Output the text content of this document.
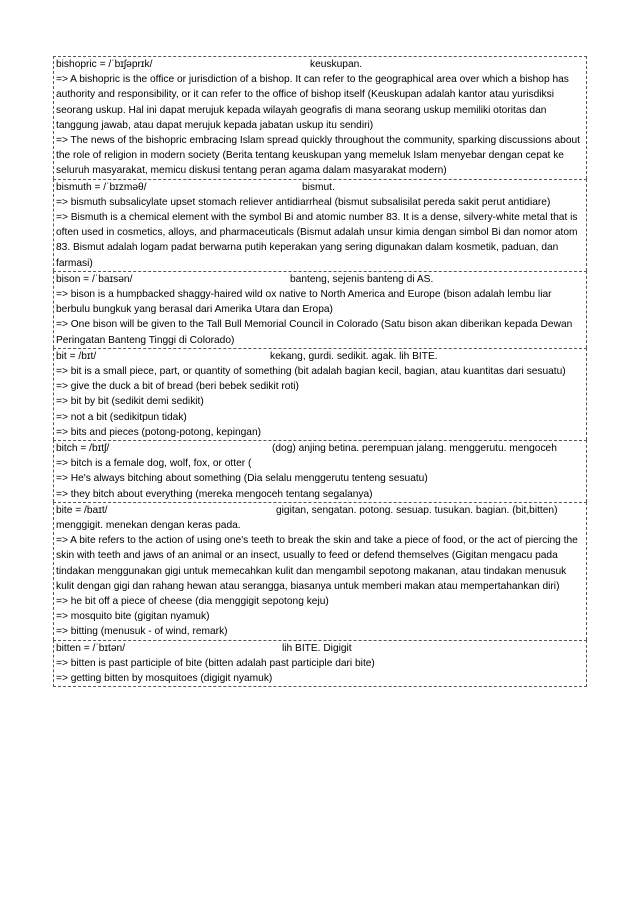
bishopric = /ˈbɪʃəprɪk/	keuskupan.
=> A bishopric is the office or jurisdiction of a bishop. It can refer to the geographical area over which a bishop has authority and responsibility, or it can refer to the office of bishop itself (Keuskupan adalah kantor atau yurisdiksi seorang uskup. Hal ini dapat merujuk kepada wilayah geografis di mana seorang uskup memiliki otoritas dan tanggung jawab, atau dapat merujuk kepada jabatan uskup itu sendiri)
=> The news of the bishopric embracing Islam spread quickly throughout the community, sparking discussions about the role of religion in modern society (Berita tentang keuskupan yang memeluk Islam menyebar dengan cepat ke seluruh masyarakat, memicu diskusi tentang peran agama dalam masyarakat modern)
bismuth = /ˈbɪzməθ/	bismut.
=> bismuth subsalicylate upset stomach reliever antidiarrheal (bismut subsalisilat pereda sakit perut antidiare)
=> Bismuth is a chemical element with the symbol Bi and atomic number 83. It is a dense, silvery-white metal that is often used in cosmetics, alloys, and pharmaceuticals (Bismut adalah unsur kimia dengan simbol Bi dan nomor atom 83. Bismut adalah logam padat berwarna putih keperakan yang sering digunakan dalam kosmetik, paduan, dan farmasi)
bison = /ˈbaɪsən/	banteng, sejenis banteng di AS.
=> bison is a humpbacked shaggy-haired wild ox native to North America and Europe (bison adalah lembu liar berbulu bungkuk yang berasal dari Amerika Utara dan Eropa)
=> One bison will be given to the Tall Bull Memorial Council in Colorado (Satu bison akan diberikan kepada Dewan Peringatan Banteng Tinggi di Colorado)
bit = /bɪt/	kekang, gurdi. sedikit. agak. lih BITE.
=> bit is a small piece, part, or quantity of something (bit adalah bagian kecil, bagian, atau kuantitas dari sesuatu)
=> give the duck a bit of bread (beri bebek sedikit roti)
=> bit by bit (sedikit demi sedikit)
=> not a bit (sedikitpun tidak)
=> bits and pieces (potong-potong, kepingan)
bitch = /bɪtʃ/	(dog) anjing betina. perempuan jalang. menggerutu. mengoceh
=> bitch is a female dog, wolf, fox, or otter (
=> He's always bitching about something (Dia selalu menggerutu tenteng sesuatu)
=> they bitch about everything (mereka mengoceh tentang segalanya)
bite = /baɪt/	gigitan, sengatan. potong. sesuap. tusukan. bagian. (bit,bitten)
menggigit. menekan dengan keras pada.
=> A bite refers to the action of using one's teeth to break the skin and take a piece of food, or the act of piercing the skin with teeth and jaws of an animal or an insect, usually to feed or defend themselves (Gigitan mengacu pada tindakan menggunakan gigi untuk memecahkan kulit dan mengambil sepotong makanan, atau tindakan menusuk kulit dengan gigi dan rahang hewan atau serangga, biasanya untuk memberi makan atau mempertahankan diri)
=> he bit off a piece of cheese (dia menggigit sepotong keju)
=> mosquito bite (gigitan nyamuk)
=> bitting (menusuk - of wind, remark)
bitten = /ˈbɪtən/	lih BITE. Digigit
=> bitten is past participle of bite (bitten adalah past participle dari bite)
=> getting bitten by mosquitoes (digigit nyamuk)
